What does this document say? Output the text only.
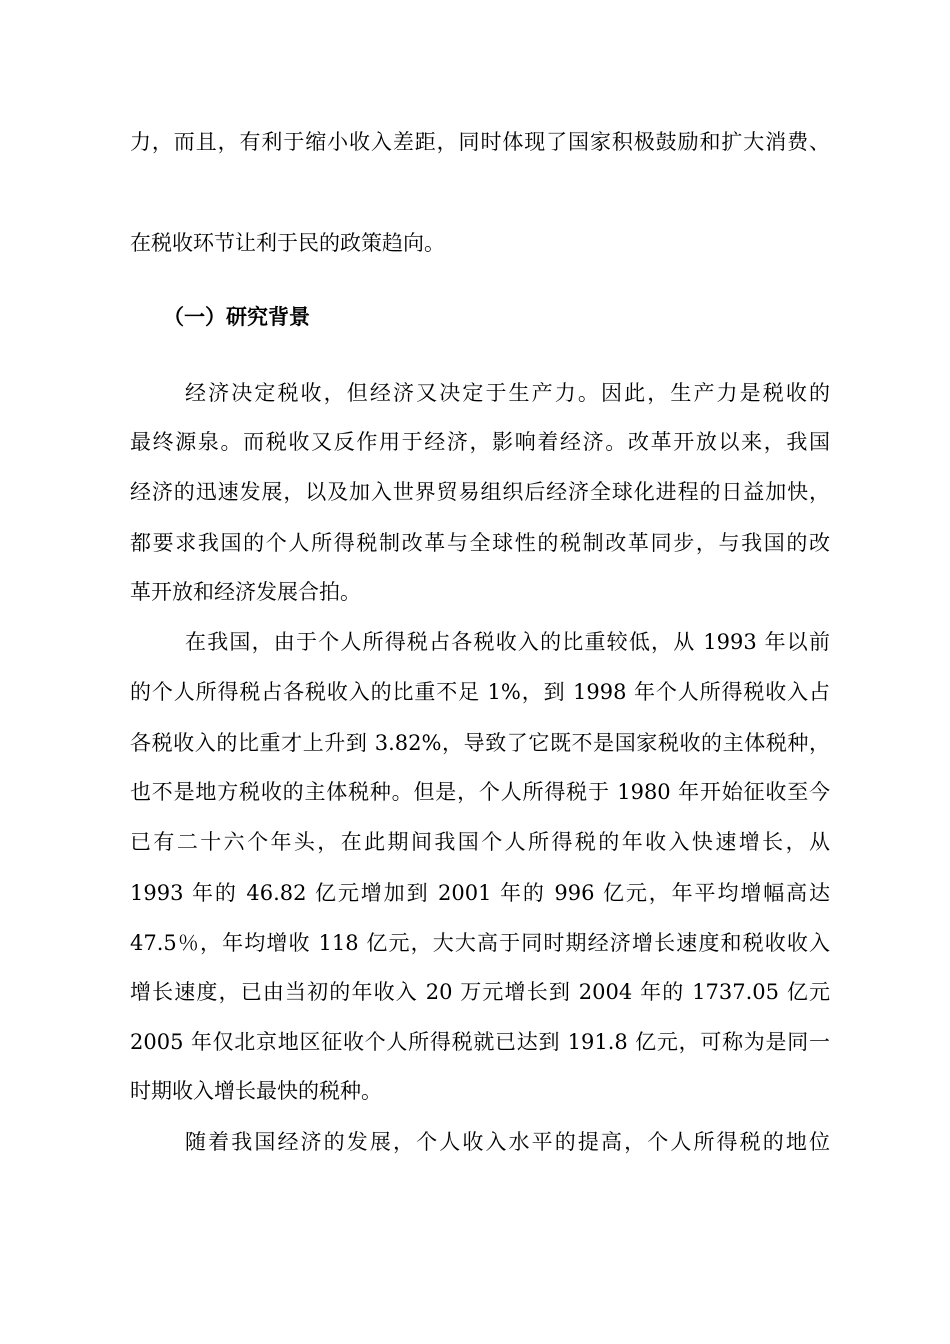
力，而且，有利于缩小收入差距，同时体现了国家积极鼓励和扩大消费、
在税收环节让利于民的政策趋向。
（一）研究背景
经济决定税收，但经济又决定于生产力。因此，生产力是税收的
最终源泉。而税收又反作用于经济，影响着经济。改革开放以来，我国
经济的迅速发展，以及加入世界贸易组织后经济全球化进程的日益加快，
都要求我国的个人所得税制改革与全球性的税制改革同步，与我国的改
革开放和经济发展合拍。
在我国，由于个人所得税占各税收入的比重较低，从 1993 年以前
的个人所得税占各税收入的比重不足 1%，到 1998 年个人所得税收入占
各税收入的比重才上升到 3.82%，导致了它既不是国家税收的主体税种，
也不是地方税收的主体税种。但是，个人所得税于 1980 年开始征收至今
已有二十六个年头，在此期间我国个人所得税的年收入快速增长，从
1993 年的 46.82 亿元增加到 2001 年的 996 亿元，年平均增幅高达
47.5％，年均增收 118 亿元，大大高于同时期经济增长速度和税收收入
增长速度，已由当初的年收入 20 万元增长到 2004 年的 1737.05 亿元
2005 年仅北京地区征收个人所得税就已达到 191.8 亿元，可称为是同一
时期收入增长最快的税种。
随着我国经济的发展，个人收入水平的提高，个人所得税的地位
